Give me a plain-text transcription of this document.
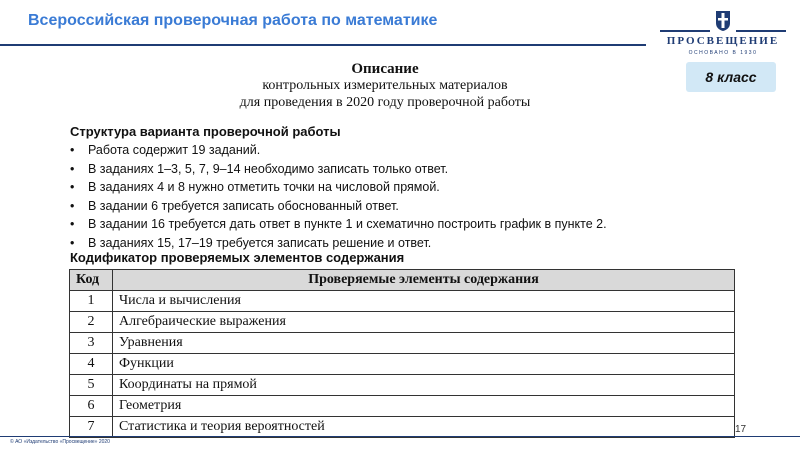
Всероссийская проверочная работа по математике
ПРОСВЕЩЕНИЕ
ОСНОВАНО В 1930
Описание
контрольных измерительных материалов
для проведения в 2020 году проверочной работы
8 класс
Структура варианта проверочной работы
• Работа содержит 19 заданий.
• В заданиях 1–3, 5, 7, 9–14 необходимо записать только ответ.
• В заданиях 4 и 8 нужно отметить точки на числовой прямой.
• В задании 6 требуется записать обоснованный ответ.
• В задании 16 требуется дать ответ в пункте 1 и схематично построить график в пункте 2.
• В заданиях 15, 17–19 требуется записать решение и ответ.
Кодификатор проверяемых элементов содержания
Код	Проверяемые элементы содержания
1	Числа и вычисления
2	Алгебраические выражения
3	Уравнения
4	Функции
5	Координаты на прямой
6	Геометрия
7	Статистика и теория вероятностей	17
© АО «Издательство «Просвещение» 2020
